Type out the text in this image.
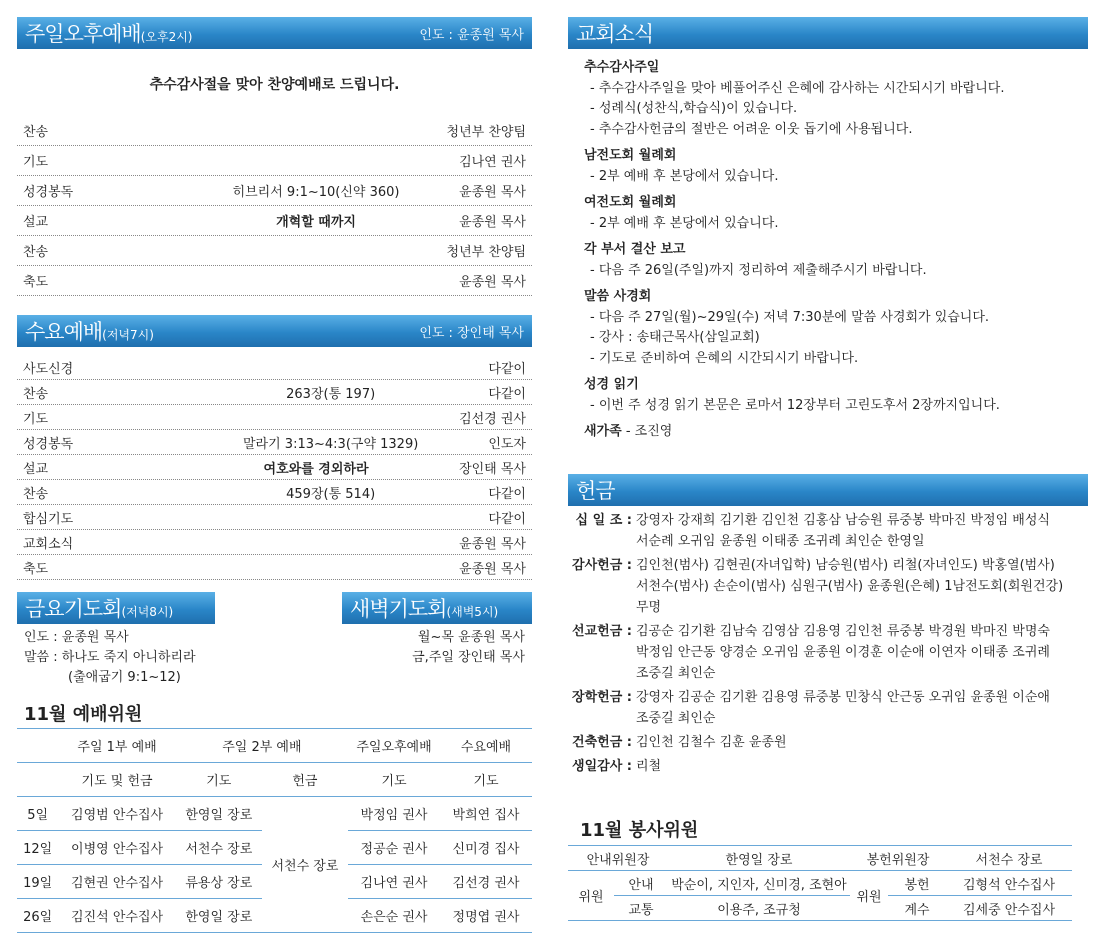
주일오후예배(오후2시)	인도 : 윤종원 목사
추수감사절을 맞아 찬양예배로 드립니다.
찬송	청년부 찬양팀
기도	김나연 권사
성경봉독	히브리서 9:1~10(신약 360)	윤종원 목사
설교	개혁할 때까지	윤종원 목사
찬송	청년부 찬양팀
축도	윤종원 목사
수요예배(저녁7시)	인도 : 장인태 목사
사도신경	다같이
찬송	263장(통 197)	다같이
기도	김선경 권사
성경봉독	말라기 3:13~4:3(구약 1329)	인도자
설교	여호와를 경외하라	장인태 목사
찬송	459장(통 514)	다같이
합심기도	다같이
교회소식	윤종원 목사
축도	윤종원 목사
금요기도회(저녁8시)	새벽기도회(새벽5시)
인도 : 윤종원 목사
말씀 : 하나도 죽지 아니하리라
(출애굽기 9:1~12)
월~목 윤종원 목사
금,주일 장인태 목사
11월 예배위원
	주일 1부 예배	주일 2부 예배		주일오후예배	수요예배
	기도 및 헌금	기도	헌금	기도	기도
5일	김영범 안수집사	한영일 장로	서천수 장로	박정임 권사	박희연 집사
12일	이병영 안수집사	서천수 장로		정공순 권사	신미경 집사
19일	김현권 안수집사	류용상 장로		김나연 권사	김선경 권사
26일	김진석 안수집사	한영일 장로		손은순 권사	정명엽 권사
교회소식
추수감사주일
- 추수감사주일을 맞아 베풀어주신 은혜에 감사하는 시간되시기 바랍니다.
- 성례식(성찬식,학습식)이 있습니다.
- 추수감사헌금의 절반은 어려운 이웃 돕기에 사용됩니다.
남전도회 월례회
- 2부 예배 후 본당에서 있습니다.
여전도회 월례회
- 2부 예배 후 본당에서 있습니다.
각 부서 결산 보고
- 다음 주 26일(주일)까지 정리하여 제출해주시기 바랍니다.
말씀 사경회
- 다음 주 27일(월)~29일(수) 저녁 7:30분에 말씀 사경회가 있습니다.
- 강사 : 송태근목사(삼일교회)
- 기도로 준비하여 은혜의 시간되시기 바랍니다.
성경 읽기
- 이번 주 성경 읽기 본문은 로마서 12장부터 고린도후서 2장까지입니다.
새가족 - 조진영
헌금
십 일 조 : 강영자 강재희 김기환 김인천 김홍삼 남승원 류중봉 박마진 박정임 배성식
서순례 오귀임 윤종원 이태종 조귀례 최인순 한영일
감사헌금 : 김인천(범사) 김현권(자녀입학) 남승원(범사) 리철(자녀인도) 박홍열(범사)
서천수(범사) 손순이(범사) 심원구(범사) 윤종원(은혜) 1남전도회(회원건강)
무명
선교헌금 : 김공순 김기환 김남숙 김영삼 김용영 김인천 류중봉 박경원 박마진 박명숙
박정임 안근동 양경순 오귀임 윤종원 이경훈 이순애 이연자 이태종 조귀례
조중길 최인순
장학헌금 : 강영자 김공순 김기환 김용영 류중봉 민창식 안근동 오귀임 윤종원 이순애
조중길 최인순
건축헌금 : 김인천 김철수 김훈 윤종원
생일감사 : 리철
11월 봉사위원
안내위원장		한영일 장로	봉헌위원장		서천수 장로
위원	안내	박순이, 지인자, 신미경, 조현아	위원	봉헌	김형석 안수집사
	교통	이용주, 조규청		계수	김세중 안수집사
